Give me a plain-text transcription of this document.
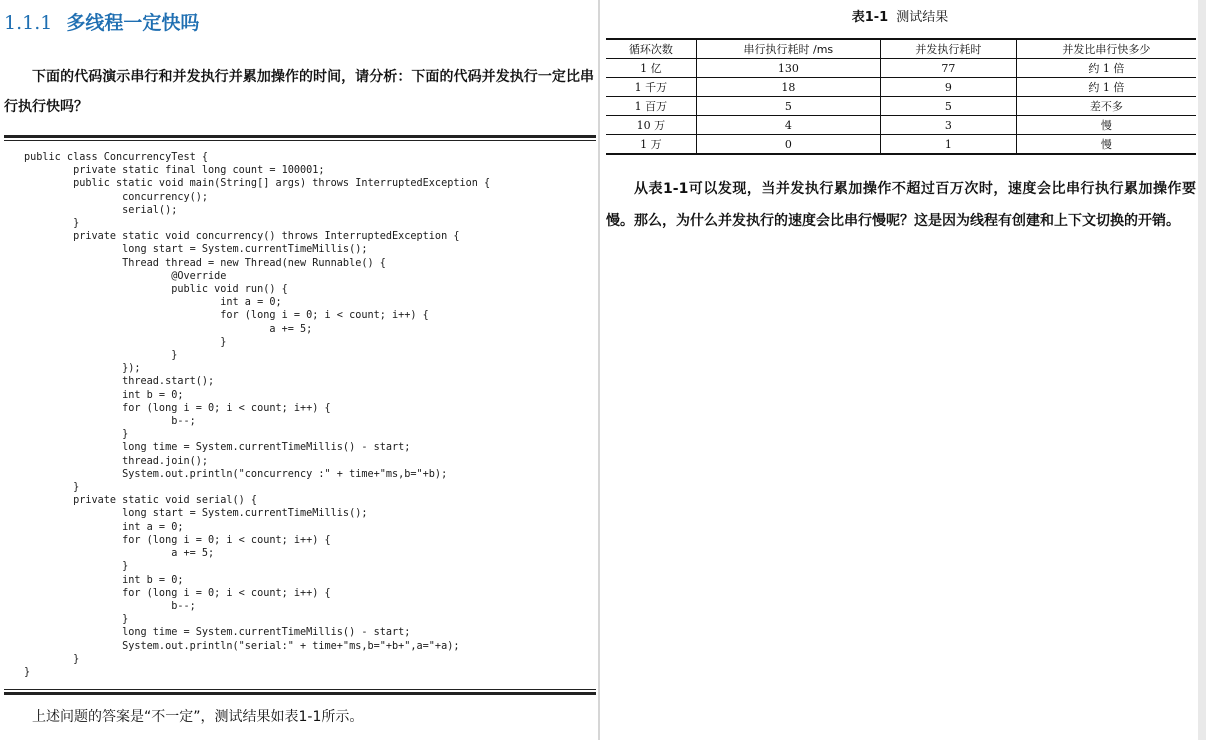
1.1.1 多线程一定快吗
下面的代码演示串行和并发执行并累加操作的时间，请分析：下面的代码并发执行一定比串行执行快吗？
public class ConcurrencyTest {
private static final long count = 100001;
public static void main(String[] args) throws InterruptedException {
concurrency();
serial();
}
private static void concurrency() throws InterruptedException {
long start = System.currentTimeMillis();
Thread thread = new Thread(new Runnable() {
@Override
public void run() {
int a = 0;
for (long i = 0; i < count; i++) {
a += 5;
}
}
});
thread.start();
int b = 0;
for (long i = 0; i < count; i++) {
b--;
}
long time = System.currentTimeMillis() - start;
thread.join();
System.out.println("concurrency :" + time+"ms,b="+b);
}
private static void serial() {
long start = System.currentTimeMillis();
int a = 0;
for (long i = 0; i < count; i++) {
a += 5;
}
int b = 0;
for (long i = 0; i < count; i++) {
b--;
}
long time = System.currentTimeMillis() - start;
System.out.println("serial:" + time+"ms,b="+b+",a="+a);
}
}
上述问题的答案是“不一定”，测试结果如表1-1所示。
表1-1 测试结果
循环次数	串行执行耗时 /ms	并发执行耗时	并发比串行快多少
1 亿	130	77	约 1 倍
1 千万	18	9	约 1 倍
1 百万	5	5	差不多
10 万	4	3	慢
1 万	0	1	慢
从表1-1可以发现，当并发执行累加操作不超过百万次时，速度会比串行执行累加操作要慢。那么，为什么并发执行的速度会比串行慢呢？这是因为线程有创建和上下文切换的开销。
